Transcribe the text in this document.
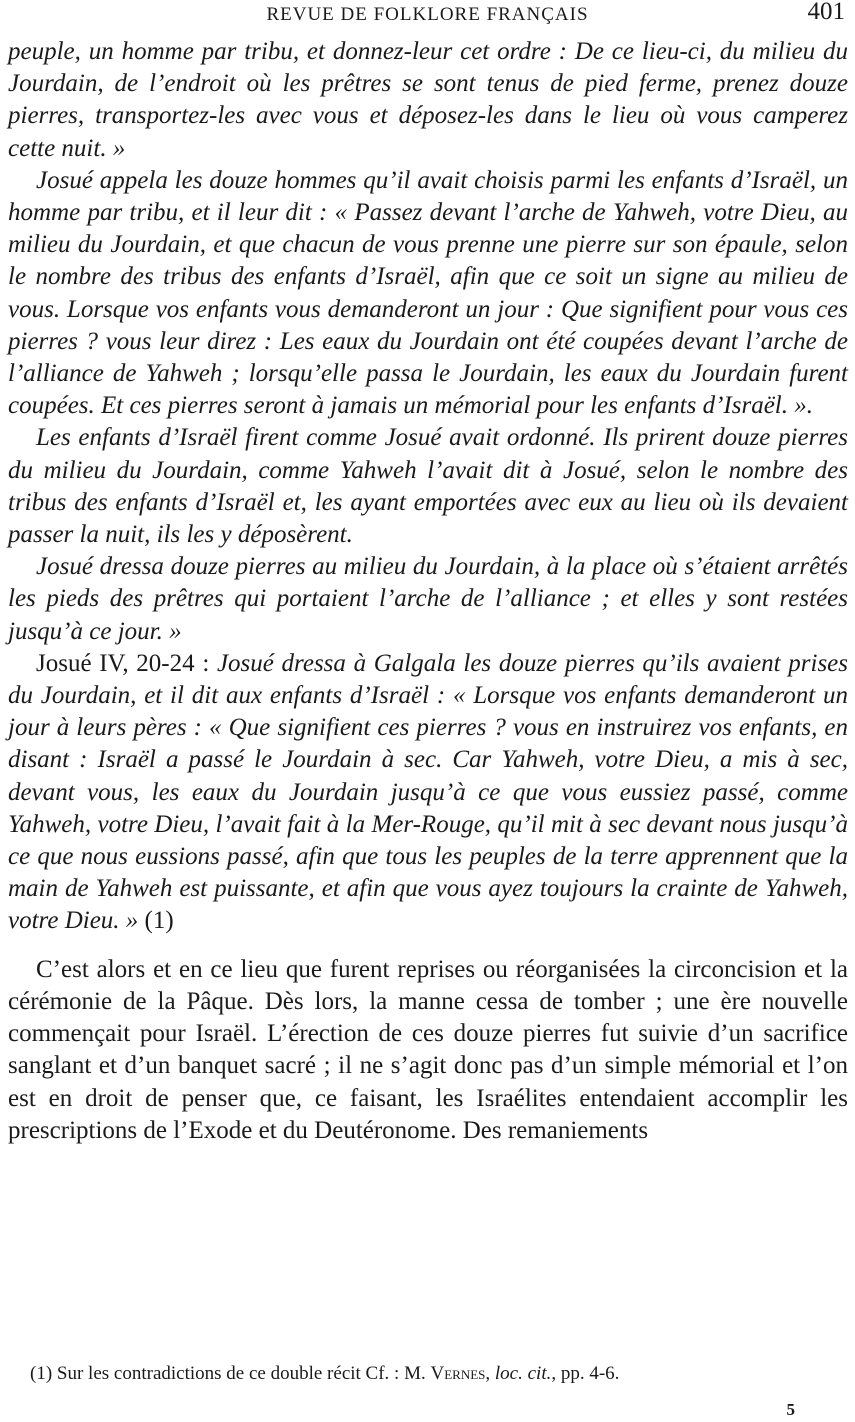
REVUE DE FOLKLORE FRANÇAIS	401

peuple, un homme par tribu, et donnez-leur cet ordre : De ce lieu-ci, du milieu du Jourdain, de l’endroit où les prêtres se sont tenus de pied ferme, prenez douze pierres, transportez-les avec vous et déposez-les dans le lieu où vous camperez cette nuit. »

Josué appela les douze hommes qu’il avait choisis parmi les enfants d’Israël, un homme par tribu, et il leur dit : « Passez devant l’arche de Yahweh, votre Dieu, au milieu du Jourdain, et que chacun de vous prenne une pierre sur son épaule, selon le nombre des tribus des enfants d’Israël, afin que ce soit un signe au milieu de vous. Lorsque vos enfants vous demanderont un jour : Que signifient pour vous ces pierres ? vous leur direz : Les eaux du Jourdain ont été coupées devant l’arche de l’alliance de Yahweh ; lorsqu’elle passa le Jourdain, les eaux du Jourdain furent coupées. Et ces pierres seront à jamais un mémorial pour les enfants d’Israël. ».

Les enfants d’Israël firent comme Josué avait ordonné. Ils prirent douze pierres du milieu du Jourdain, comme Yahweh l’avait dit à Josué, selon le nombre des tribus des enfants d’Israël et, les ayant emportées avec eux au lieu où ils devaient passer la nuit, ils les y déposèrent.

Josué dressa douze pierres au milieu du Jourdain, à la place où s’étaient arrêtés les pieds des prêtres qui portaient l’arche de l’alliance ; et elles y sont restées jusqu’à ce jour. »

Josué IV, 20-24 : Josué dressa à Galgala les douze pierres qu’ils avaient prises du Jourdain, et il dit aux enfants d’Israël : « Lorsque vos enfants demanderont un jour à leurs pères : « Que signifient ces pierres ? vous en instruirez vos enfants, en disant : Israël a passé le Jourdain à sec. Car Yahweh, votre Dieu, a mis à sec, devant vous, les eaux du Jourdain jusqu’à ce que vous eussiez passé, comme Yahweh, votre Dieu, l’avait fait à la Mer-Rouge, qu’il mit à sec devant nous jusqu’à ce que nous eussions passé, afin que tous les peuples de la terre apprennent que la main de Yahweh est puissante, et afin que vous ayez toujours la crainte de Yahweh, votre Dieu. » (1)

C’est alors et en ce lieu que furent reprises ou réorganisées la circoncision et la cérémonie de la Pâque. Dès lors, la manne cessa de tomber ; une ère nouvelle commençait pour Israël. L’érection de ces douze pierres fut suivie d’un sacrifice sanglant et d’un banquet sacré ; il ne s’agit donc pas d’un simple mémorial et l’on est en droit de penser que, ce faisant, les Israélites entendaient accomplir les prescriptions de l’Exode et du Deutéronome. Des remaniements

(1) Sur les contradictions de ce double récit Cf. : M. Vernes, loc. cit., pp. 4-6.
5
